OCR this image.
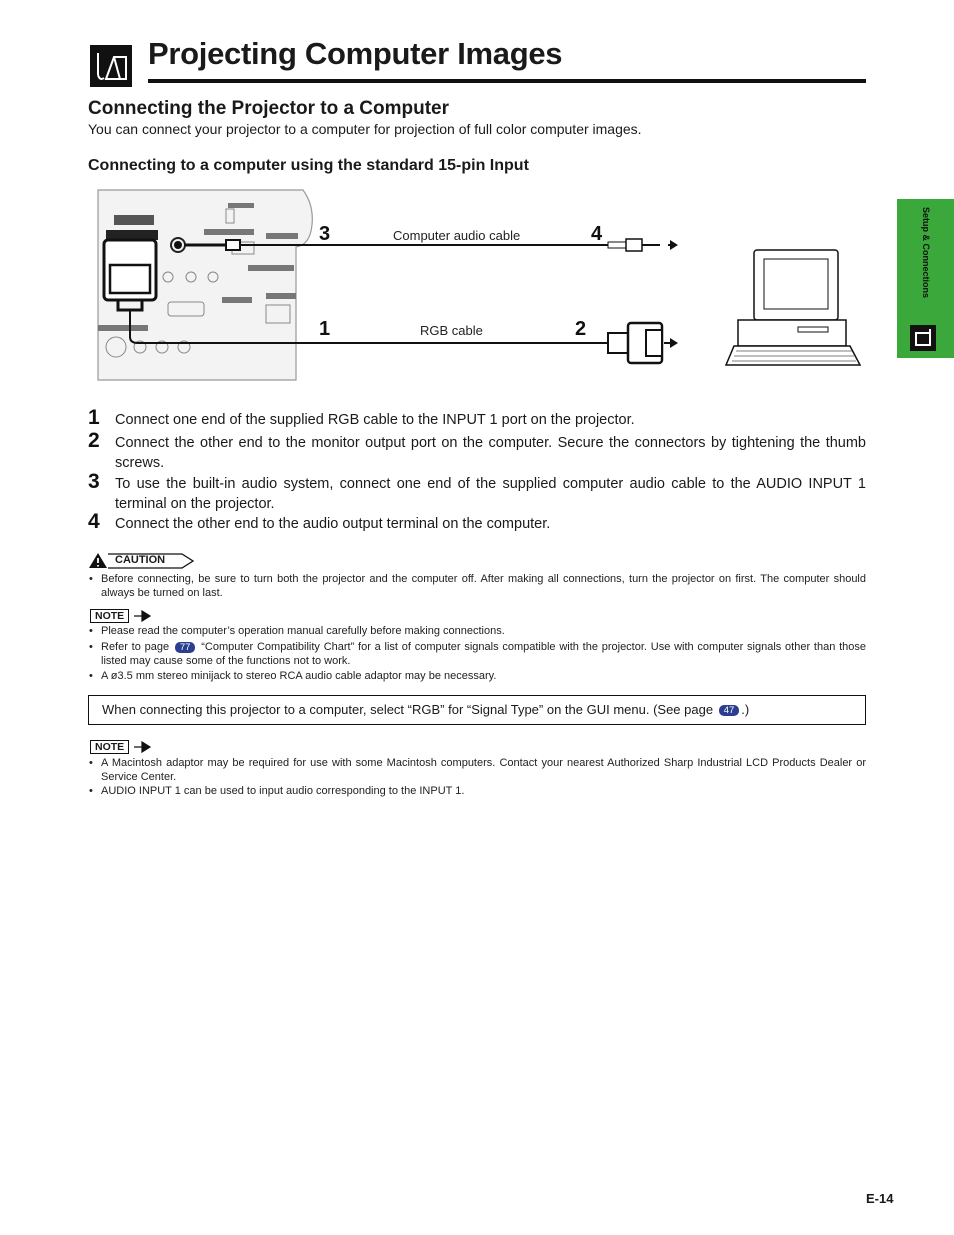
Projecting Computer Images
Connecting the Projector to a Computer
You can connect your projector to a computer for projection of full color computer images.
Connecting to a computer using the standard 15-pin Input
Setup & Connections
Computer audio cable
RGB cable
3	4
1	2
1 Connect one end of the supplied RGB cable to the INPUT 1 port on the projector.
2 Connect the other end to the monitor output port on the computer. Secure the connectors by tightening the thumb screws.
3 To use the built-in audio system, connect one end of the supplied computer audio cable to the AUDIO INPUT 1 terminal on the projector.
4 Connect the other end to the audio output terminal on the computer.
CAUTION
• Before connecting, be sure to turn both the projector and the computer off. After making all connections, turn the projector on first. The computer should always be turned on last.
NOTE
• Please read the computer’s operation manual carefully before making connections.
• Refer to page 77 “Computer Compatibility Chart” for a list of computer signals compatible with the projector. Use with computer signals other than those listed may cause some of the functions not to work.
• A ø3.5 mm stereo minijack to stereo RCA audio cable adaptor may be necessary.
When connecting this projector to a computer, select “RGB” for “Signal Type” on the GUI menu. (See page 47 .)
NOTE
• A Macintosh adaptor may be required for use with some Macintosh computers. Contact your nearest Authorized Sharp Industrial LCD Products Dealer or Service Center.
• AUDIO INPUT 1 can be used to input audio corresponding to the INPUT 1.
E-14
